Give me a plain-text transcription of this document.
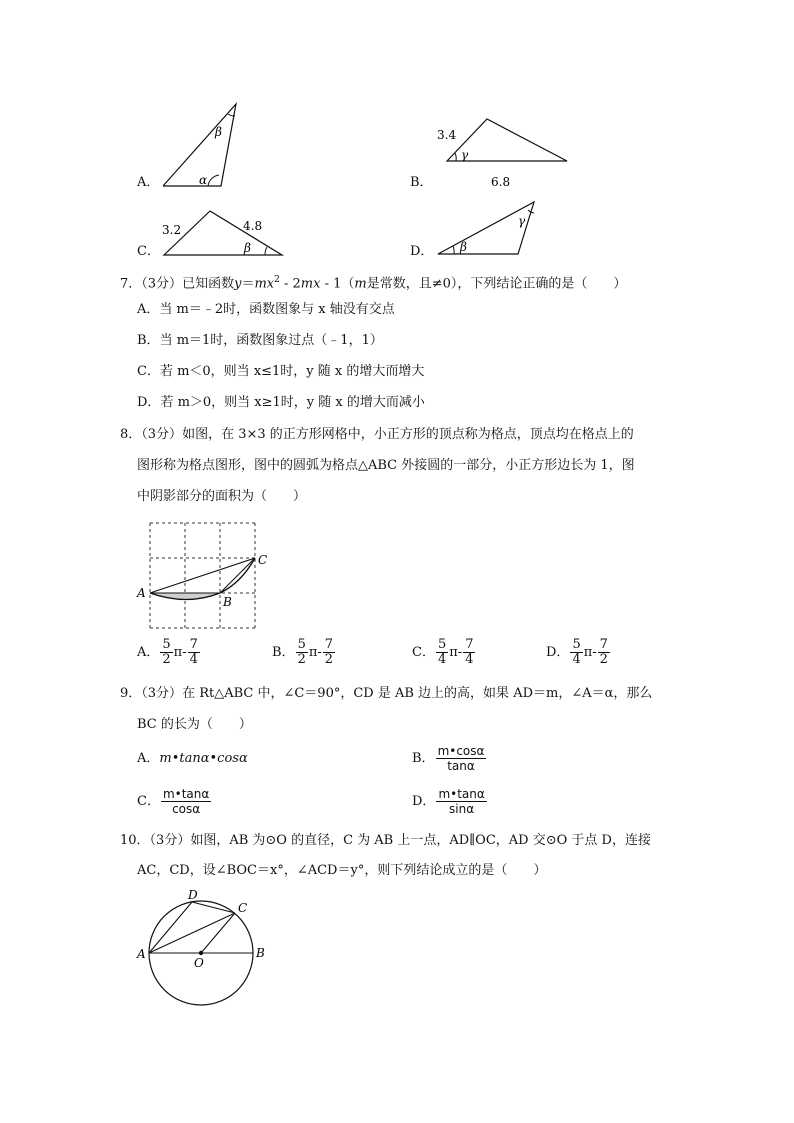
A．
β
α	B．
3.4
γ
6.8
C．
3.2	4.8
β	D． β
γ
7．（3分）已知函数$y=mx^2 - 2mx - 1(m$是常数，且≠0），下列结论正确的是（　　）
A．当 m＝﹣2时，函数图象与 x 轴没有交点
B．当 m＝1时，函数图象过点（﹣1，1）
C．若 m＜0，则当 x≤1时，y 随 x 的增大而增大
D．若 m＞0，则当 x≥1时，y 随 x 的增大而减小
8．（3分）如图，在 3×3 的正方形网格中，小正方形的顶点称为格点，顶点均在格点上的
图形称为格点图形，图中的圆弧为格点△ABC 外接圆的一部分，小正方形边长为 1，图
中阴影部分的面积为（　　）
A
B
C
A． $\frac{5}{2}$ π - $\frac{7}{4}$	B． $\frac{5}{2}$ π - $\frac{7}{2}$	C． $\frac{5}{4}$ π - $\frac{7}{4}$	D． $\frac{5}{4}$ π - $\frac{7}{2}$
9．（3分）在 Rt△ABC 中，∠C＝90°，CD 是 AB 边上的高，如果 AD＝m，∠A＝α，那么
BC 的长为（　　）
A．m•tanα•cosα	B． $\frac{m•\cos\alpha}{\tan\alpha}$
C． $\frac{m•\tan\alpha}{\cos\alpha}$	D． $\frac{m•\tan\alpha}{\sin\alpha}$
10．（3分）如图，AB 为⊙O 的直径，C 为 AB 上一点，AD∥OC，AD 交⊙O 于点 D，连接
AC，CD，设∠BOC＝x°，∠ACD＝y°，则下列结论成立的是（　　）
A	B
C
D
O
